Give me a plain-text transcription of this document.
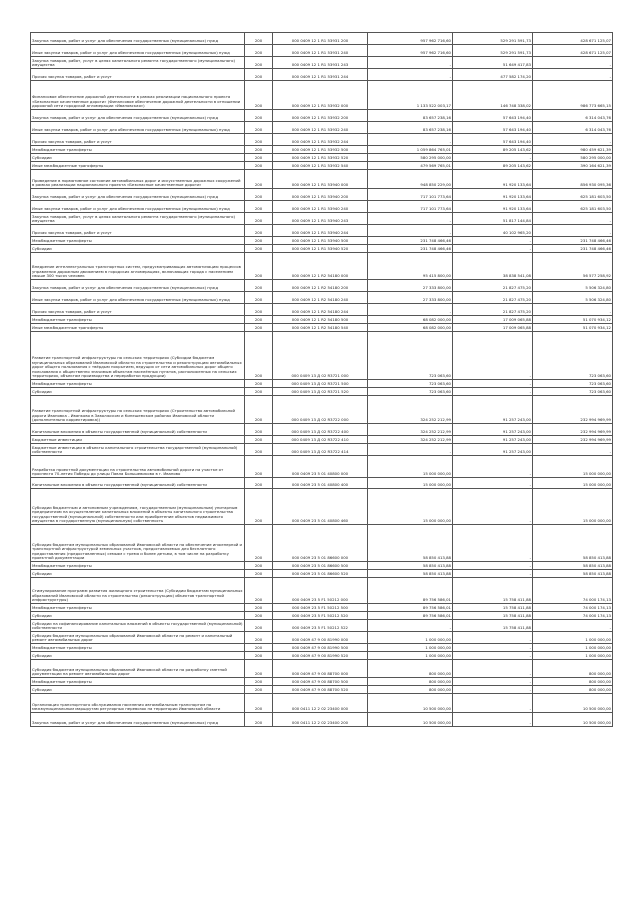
Закупка товаров, работ и услуг для обеспечения государственных (муниципальных) нужд	200	000 0409 12 1 R1 53931 200	957 962 716,60	529 291 591,73	428 671 125,07
Иные закупки товаров, работ и услуг для обеспечения государственных (муниципальных) нужд	200	000 0409 12 1 R1 53931 240	957 962 716,60	529 291 591,73	428 671 125,07
Закупка товаров, работ, услуг в целях капитального ремонта государственного (муниципального) имущества	200	000 0409 12 1 R1 53931 243	-	51 649 417,83	-
Прочая закупка товаров, работ и услуг	200	000 0409 12 1 R1 53931 244	-	477 582 174,20	-
Финансовое обеспечение дорожной деятельности в рамках реализации национального проекта «Безопасные качественные дороги» (Финансовое обеспечение дорожной деятельности в отношении дорожной сети городской агломерации «Ивановская»)	200	000 0409 12 1 R1 53932 000	1 133 522 003,17	146 748 338,02	986 773 665,15
Закупка товаров, работ и услуг для обеспечения государственных (муниципальных) нужд	200	000 0409 12 1 R1 53932 200	83 657 238,16	57 643 194,40	6 314 043,76
Иные закупки товаров, работ и услуг для обеспечения государственных (муниципальных) нужд	200	000 0409 12 1 R1 53932 240	83 657 238,16	57 643 194,40	6 314 043,76
Прочая закупка товаров, работ и услуг	200	000 0409 12 1 R1 53932 244	-	57 643 194,40	-
Межбюджетные трансферты	200	000 0409 12 1 R1 53932 500	1 059 864 765,01	89 205 143,62	980 459 621,39
Субсидии	200	000 0409 12 1 R1 53932 520	580 295 000,00	-	580 295 000,00
Иные межбюджетные трансферты	200	000 0409 12 1 R1 53932 540	479 569 765,01	89 205 143,62	390 164 621,39
Приведение в нормативное состояние автомобильных дорог и искусственных дорожных сооружений в рамках реализации национального проекта «Безопасные качественные дороги»	200	000 0409 12 1 R1 53940 000	948 850 229,00	91 920 133,64	856 930 095,36
Закупка товаров, работ и услуг для обеспечения государственных (муниципальных) нужд	200	000 0409 12 1 R1 53940 200	717 101 773,64	91 920 133,64	625 181 603,50
Иные закупки товаров, работ и услуг для обеспечения государственных (муниципальных) нужд	200	000 0409 12 1 R1 53940 240	717 101 773,64	91 920 133,64	625 181 603,50
Закупка товаров, работ, услуг в целях капитального ремонта государственного (муниципального) имущества	200	000 0409 12 1 R1 53940 243	-	51 817 144,84	-
Прочая закупка товаров, работ и услуг	200	000 0409 12 1 R1 53940 244	-	40 102 965,20	-
Межбюджетные трансферты	200	000 0409 12 1 R1 53940 500	231 748 466,46	-	231 748 466,46
Субсидии	200	000 0409 12 1 R1 53940 520	231 748 466,46	-	231 748 466,46
Внедрение интеллектуальных транспортных систем, предусматривающих автоматизацию процессов управления дорожным движением в городских агломерациях, включающих города с населением свыше 300 тысяч человек	200	000 0409 12 1 R2 54180 000	95 415 800,00	38 838 541,08	56 577 258,92
Закупка товаров, работ и услуг для обеспечения государственных (муниципальных) нужд	200	000 0409 12 1 R2 54180 200	27 333 800,00	21 827 475,20	5 506 324,80
Иные закупки товаров, работ и услуг для обеспечения государственных (муниципальных) нужд	200	000 0409 12 1 R2 54180 240	27 333 800,00	21 827 475,20	5 506 324,80
Прочая закупка товаров, работ и услуг	200	000 0409 12 1 R2 54180 244	-	21 827 475,20	-
Межбюджетные трансферты	200	000 0409 12 1 R2 54180 500	68 082 000,00	17 009 065,88	51 070 934,12
Иные межбюджетные трансферты	200	000 0409 12 1 R2 54180 540	68 082 000,00	17 009 065,88	51 070 934,12
Развитие транспортной инфраструктуры на сельских территориях (Субсидии бюджетам муниципальных образований Ивановской области на строительство и реконструкцию автомобильных дорог общего пользования с твёрдым покрытием, ведущих от сети автомобильных дорог общего пользования к общественно значимым объектам населённых пунктов, расположенных на сельских территориях, объектам производства и переработки продукции)	200	000 0409 13 Д 02 R3721 000	723 063,60	-	723 063,60
Межбюджетные трансферты	200	000 0409 13 Д 02 R3721 500	723 063,60	-	723 063,60
Субсидии	200	000 0409 13 Д 02 R3721 520	723 063,60	-	723 063,60
Развитие транспортной инфраструктуры на сельских территориях (Строительство автомобильной дороги Ивановка - Иванково в Заволжском и Кинешемском районах Ивановской области (дополнительно корректировка))	200	000 0409 13 Д 02 R3722 000	324 252 212,99	91 257 243,00	232 994 969,99
Капитальные вложения в объекты государственной (муниципальной) собственности	200	000 0409 13 Д 02 R3722 400	324 252 212,99	91 257 243,00	232 994 969,99
Бюджетные инвестиции	200	000 0409 13 Д 02 R3722 410	324 252 212,99	91 257 243,00	232 994 969,99
Бюджетные инвестиции в объекты капитального строительства государственной (муниципальной) собственности	200	000 0409 13 Д 02 R3722 414	-	91 257 243,00	-
Разработка проектной документации на строительство автомобильной дороги на участке от проспекта 70-летия Победы до улицы Павла Большевикова в г. Иваново	200	000 0409 23 5 01 40800 000	15 000 000,00	-	15 000 000,00
Капитальные вложения в объекты государственной (муниципальной) собственности	200	000 0409 23 5 01 40800 400	15 000 000,00	-	15 000 000,00
Субсидии бюджетным и автономным учреждениям, государственным (муниципальным) унитарным предприятиям на осуществление капитальных вложений в объекты капитального строительства государственной (муниципальной) собственности или приобретение объектов недвижимого имущества в государственную (муниципальную) собственность	200	000 0409 23 5 01 40800 460	15 000 000,00	-	15 000 000,00
Субсидия бюджетам муниципальных образований Ивановской области на обеспечение инженерной и транспортной инфраструктурой земельных участков, предоставляемых для бесплатного предоставления (предоставленных) семьям с тремя и более детьми, в том числе на разработку проектной документации	200	000 0409 23 5 01 86600 000	58 850 413,88	-	58 850 413,88
Межбюджетные трансферты	200	000 0409 23 5 01 86600 500	58 850 413,88	-	58 850 413,88
Субсидии	200	000 0409 23 5 01 86600 520	58 850 413,88	-	58 850 413,88
Стимулирование программ развития жилищного строительства (Субсидии бюджетам муниципальных образований Ивановской области на строительство (реконструкцию) объектов транспортной инфраструктуры)	200	000 0409 23 5 F1 50212 000	89 756 586,01	15 758 411,88	74 000 174,13
Межбюджетные трансферты	200	000 0409 23 5 F1 50212 500	89 756 586,01	15 758 411,88	74 000 174,13
Субсидии	200	000 0409 23 5 F1 50212 520	89 756 586,01	15 758 411,88	74 000 174,13
Субсидии на софинансирование капитальных вложений в объекты государственной (муниципальной) собственности	200	000 0409 23 5 F1 50212 522	-	15 758 411,88	-
Субсидия бюджетам муниципальных образований Ивановской области на ремонт и капитальный ремонт автомобильных дорог	200	000 0409 47 9 00 81990 000	1 000 000,00	-	1 000 000,00
Межбюджетные трансферты	200	000 0409 47 9 00 81990 500	1 000 000,00	-	1 000 000,00
Субсидии	200	000 0409 47 9 00 81990 520	1 000 000,00	-	1 000 000,00
Субсидия бюджетам муниципальных образований Ивановской области на разработку сметной документации на ремонт автомобильных дорог	200	000 0409 47 9 00 88700 000	800 000,00	-	800 000,00
Межбюджетные трансферты	200	000 0409 47 9 00 88700 500	800 000,00	-	800 000,00
Субсидии	200	000 0409 47 9 00 88700 520	800 000,00	-	800 000,00
Организация транспортного обслуживания населения автомобильным транспортом по межмуниципальным маршрутам регулярных перевозок на территории Ивановской области	200	000 0411 12 2 02 23400 000	10 500 000,00	-	10 500 000,00
Закупка товаров, работ и услуг для обеспечения государственных (муниципальных) нужд	200	000 0411 12 2 02 23400 200	10 500 000,00	-	10 500 000,00
